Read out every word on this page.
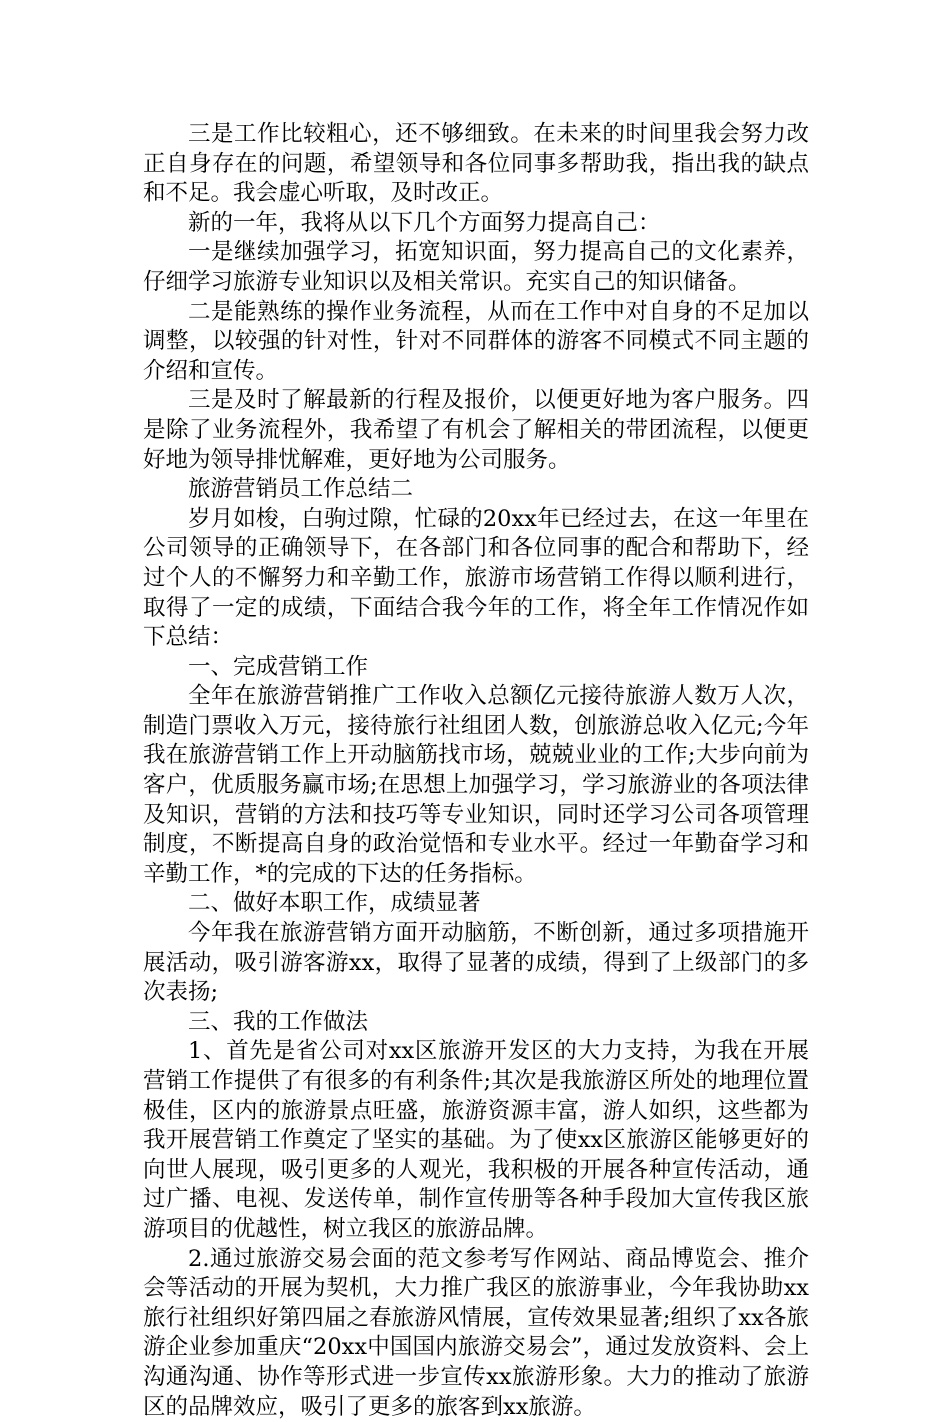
三是工作比较粗心，还不够细致。在未来的时间里我会努力改正自身存在的问题，希望领导和各位同事多帮助我，指出我的缺点和不足。我会虚心听取，及时改正。

新的一年，我将从以下几个方面努力提高自己：

一是继续加强学习，拓宽知识面，努力提高自己的文化素养，仔细学习旅游专业知识以及相关常识。充实自己的知识储备。

二是能熟练的操作业务流程，从而在工作中对自身的不足加以调整，以较强的针对性，针对不同群体的游客不同模式不同主题的介绍和宣传。

三是及时了解最新的行程及报价，以便更好地为客户服务。四是除了业务流程外，我希望了有机会了解相关的带团流程，以便更好地为领导排忧解难，更好地为公司服务。

旅游营销员工作总结二

岁月如梭，白驹过隙，忙碌的20xx年已经过去，在这一年里在公司领导的正确领导下，在各部门和各位同事的配合和帮助下，经过个人的不懈努力和辛勤工作，旅游市场营销工作得以顺利进行，取得了一定的成绩，下面结合我今年的工作，将全年工作情况作如下总结：

一、完成营销工作

全年在旅游营销推广工作收入总额亿元接待旅游人数万人次，制造门票收入万元，接待旅行社组团人数，创旅游总收入亿元;今年我在旅游营销工作上开动脑筋找市场，兢兢业业的工作;大步向前为客户，优质服务赢市场;在思想上加强学习，学习旅游业的各项法律及知识，营销的方法和技巧等专业知识，同时还学习公司各项管理制度，不断提高自身的政治觉悟和专业水平。经过一年勤奋学习和辛勤工作，*的完成的下达的任务指标。

二、做好本职工作，成绩显著

今年我在旅游营销方面开动脑筋，不断创新，通过多项措施开展活动，吸引游客游xx，取得了显著的成绩，得到了上级部门的多次表扬;

三、我的工作做法

1、首先是省公司对xx区旅游开发区的大力支持，为我在开展营销工作提供了有很多的有利条件;其次是我旅游区所处的地理位置极佳，区内的旅游景点旺盛，旅游资源丰富，游人如织，这些都为我开展营销工作奠定了坚实的基础。为了使xx区旅游区能够更好的向世人展现，吸引更多的人观光，我积极的开展各种宣传活动，通过广播、电视、发送传单，制作宣传册等各种手段加大宣传我区旅游项目的优越性，树立我区的旅游品牌。

2.通过旅游交易会面的范文参考写作网站、商品博览会、推介会等活动的开展为契机，大力推广我区的旅游事业，今年我协助xx旅行社组织好第四届之春旅游风情展，宣传效果显著;组织了xx各旅游企业参加重庆“20xx中国国内旅游交易会”，通过发放资料、会上沟通沟通、协作等形式进一步宣传xx旅游形象。大力的推动了旅游区的品牌效应，吸引了更多的旅客到xx旅游。
